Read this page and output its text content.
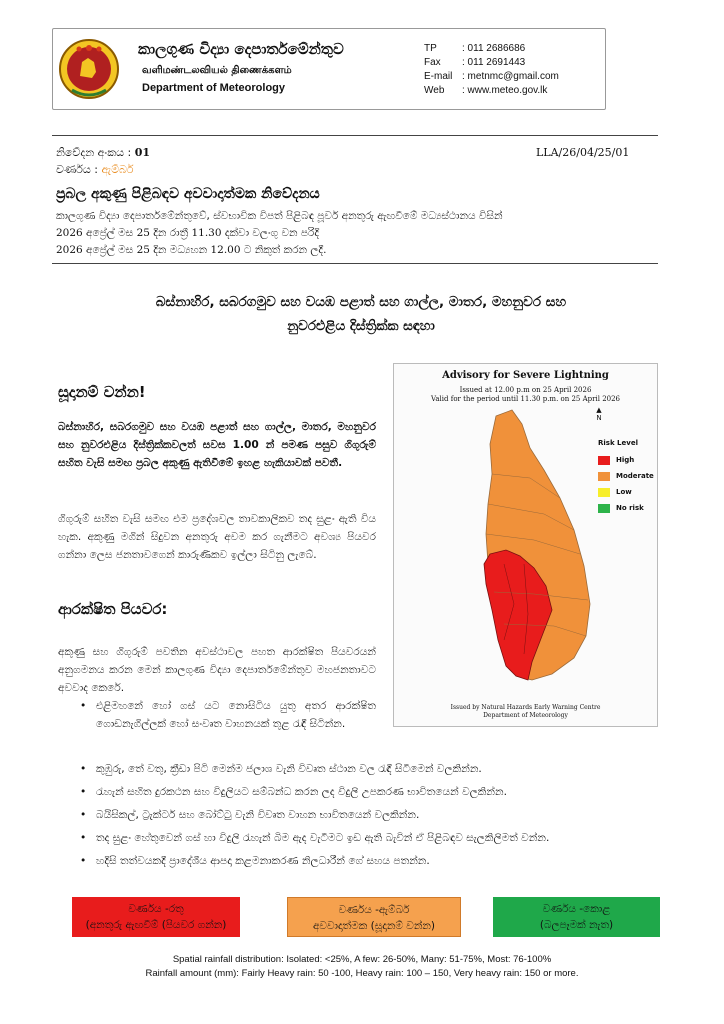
කාලගුණ විද්‍යා දෙපාර්තමේන්තුව
வளிமண்டலவியல் திணைக்களம்
Department of Meteorology
TP	: 011 2686686
Fax	: 011 2691443
E-mail : metnmc@gmail.com
Web	: www.meteo.gov.lk
නිවේදන අංකය : 01	LLA/26/04/25/01
වර්ණය : ඇම්බර්
ප්‍රබල අකුණු පිළිබඳව අවවාදාත්මක නිවේදනය
කාලගුණ විද්‍යා දෙපාර්තමේන්තුවේ, ස්වභාවික විපත් පිළිබඳ පූර්ව අනතුරු ඇඟවීමේ මධ්‍යස්ථානය විසින්
2026 අප්‍රේල් මස 25 දින රාත්‍රී 11.30 දක්වා වලංගු වන පරිදි
2026 අප්‍රේල් මස 25 දින මධ්‍යහන 12.00 ට නිකුත් කරන ලදී.
බස්නාහිර, සබරගමුව සහ වයඹ පළාත් සහ ගාල්ල, මාතර, මහනුවර සහ
නුවරඑළිය දිස්ත්‍රික්ක සඳහා
සූදානම් වන්න!
බස්නාහිර, සබරගමුව සහ වයඹ පළාත් සහ ගාල්ල, මාතර, මහනුවර සහ නුවරඑළිය දිස්ත්‍රික්කවලත් සවස 1.00 න් පමණ පසුව ගිගුරුම් සහිත වැසි සමඟ ප්‍රබල අකුණු ඇතිවීමේ ඉහළ හැකියාවක් පවතී.
ගිගුරුම් සහිත වැසි සමඟ එම ප්‍රදේශවල තාවකාලිකව තද සුළං ඇති විය හැක. අකුණු මගින් සිදුවන අනතුරු අවම කර ගැනීමට අවශ්‍ය පියවර ගන්නා ලෙස ජනතාවගෙන් කාරුණිකව ඉල්ලා සිටිනු ලැබේ.
ආරක්ෂිත පියවර:
අකුණු සහ ගිගුරුම් පවතින අවස්ථාවල පහත ආරක්ෂිත පියවරයන් අනුගමනය කරන මෙන් කාලගුණ විද්‍යා දෙපාර්තමේන්තුව මහජනතාවට අවවාද කෙරේ.
• එළිමහනේ හෝ ගස් යට නොසිටිය යුතු අතර ආරක්ෂිත ගොඩනැගිල්ලක් හෝ සංවෘත වාහනයක් තුළ රැඳී සිටින්න.
• කුඹුරු, තේ වතු, ක්‍රීඩා පිටි මෙන්ම ජලාශ වැනි විවෘත ස්ථාන වල රැඳී සිටීමෙන් වලකින්න.
• රැහැන් සහිත දුරකථන සහ විදුලියට සම්බන්ධ කරන ලද විදුලි උපකරණ භාවිතයෙන් වලකින්න.
• බයිසිකල්, ට්‍රැක්ටර් සහ බෝට්ටු වැනි විවෘත වාහන භාවිතයෙන් වලකින්න.
• තද සුළං හේතුවෙන් ගස් හා විදුලි රැහැන් බිම ඇද වැටීමට ඉඩ ඇති බැවින් ඒ පිළිබඳව සැලකිලිමත් වන්න.
• හදිසි තත්වයකදී ප්‍රාදේශීය ආපදා කළමනාකරණ නිලධාරීන් ගේ සහය පතන්න.
Advisory for Severe Lightning
Issued at 12.00 p.m on 25 April 2026
Valid for the period until 11.30 p.m. on 25 April 2026
▲
N
Risk Level
High
Moderate
Low
No risk
Issued by Natural Hazards Early Warning Centre
Department of Meteorology
වර්ණය -රතු
(අනතුරු ඇඟවීම් (පියවර ගන්න)
වර්ණය -ඇම්බර්
අවවාදාත්මක (සූදානම් වන්න)
වර්ණය -කොළ
(බලපෑමක් නැත)
Spatial rainfall distribution: Isolated: <25%, A few: 26-50%, Many: 51-75%, Most: 76-100%
Rainfall amount (mm): Fairly Heavy rain: 50 -100, Heavy rain: 100 – 150, Very heavy rain: 150 or more.
